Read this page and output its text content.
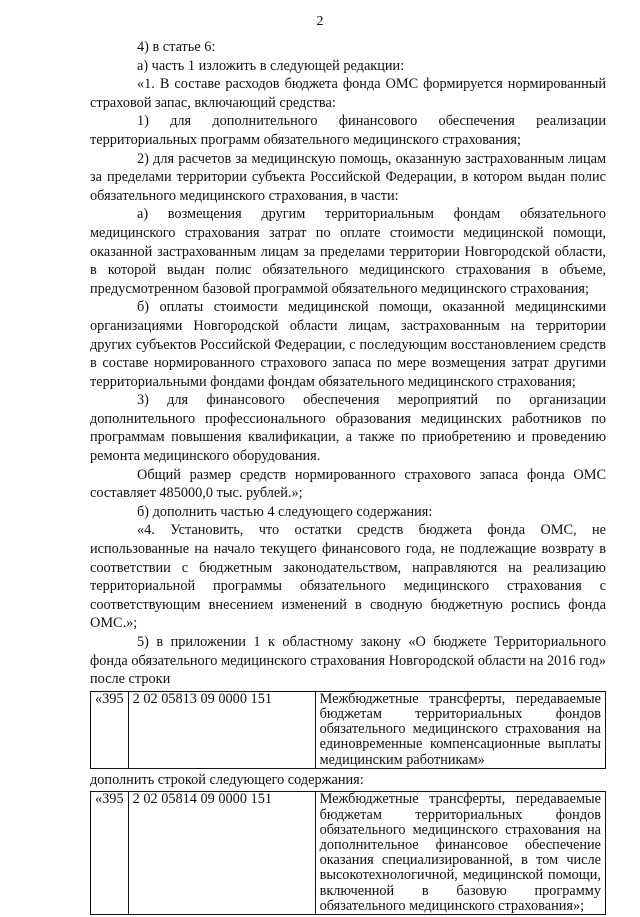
2

4) в статье 6:

а) часть 1 изложить в следующей редакции:

«1. В составе расходов бюджета фонда ОМС формируется нормированный страховой запас, включающий средства:

1) для дополнительного финансового обеспечения реализации территориальных программ обязательного медицинского страхования;

2) для расчетов за медицинскую помощь, оказанную застрахованным лицам за пределами территории субъекта Российской Федерации, в котором выдан полис обязательного медицинского страхования, в части:

а) возмещения другим территориальным фондам обязательного медицинского страхования затрат по оплате стоимости медицинской помощи, оказанной застрахованным лицам за пределами территории Новгородской области, в которой выдан полис обязательного медицинского страхования в объеме, предусмотренном базовой программой обязательного медицинского страхования;

б) оплаты стоимости медицинской помощи, оказанной медицинскими организациями Новгородской области лицам, застрахованным на территории других субъектов Российской Федерации, с последующим восстановлением средств в составе нормированного страхового запаса по мере возмещения затрат другими территориальными фондами фондам обязательного медицинского страхования;

3) для финансового обеспечения мероприятий по организации дополнительного профессионального образования медицинских работников по программам повышения квалификации, а также по приобретению и проведению ремонта медицинского оборудования.

Общий размер средств нормированного страхового запаса фонда ОМС составляет 485000,0 тыс. рублей.»;

б) дополнить частью 4 следующего содержания:

«4. Установить, что остатки средств бюджета фонда ОМС, не использованные на начало текущего финансового года, не подлежащие возврату в соответствии с бюджетным законодательством, направляются на реализацию территориальной программы обязательного медицинского страхования с соответствующим внесением изменений в сводную бюджетную роспись фонда ОМС.»;

5) в приложении 1 к областному закону «О бюджете Территориального фонда обязательного медицинского страхования Новгородской области на 2016 год» после строки

«395	2 02 05813 09 0000 151	Межбюджетные трансферты, передаваемые бюджетам территориальных фондов обязательного медицинского страхования на единовременные компенсационные выплаты медицинским работникам»

дополнить строкой следующего содержания:

«395	2 02 05814 09 0000 151	Межбюджетные трансферты, передаваемые бюджетам территориальных фондов обязательного медицинского страхования на дополнительное финансовое обеспечение оказания специализированной, в том числе высокотехнологичной, медицинской помощи, включенной в базовую программу обязательного медицинского страхования»;
